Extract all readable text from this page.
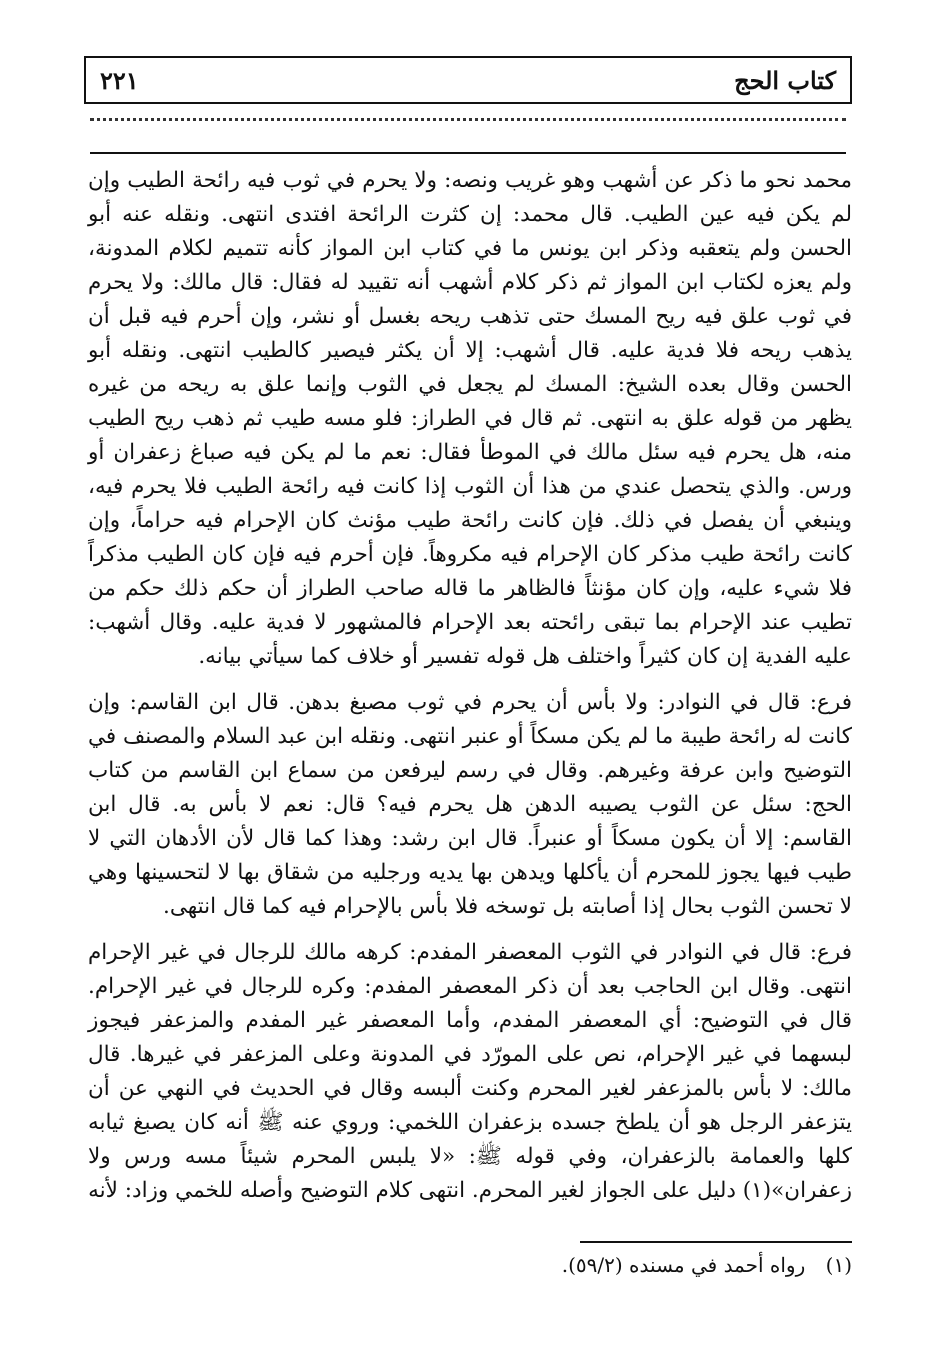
كتاب الحج
٢٢١

محمد نحو ما ذكر عن أشهب وهو غريب ونصه: ولا يحرم في ثوب فيه رائحة الطيب وإن لم يكن فيه عين الطيب. قال محمد: إن كثرت الرائحة افتدى انتهى. ونقله عنه أبو الحسن ولم يتعقبه وذكر ابن يونس ما في كتاب ابن المواز كأنه تتميم لكلام المدونة، ولم يعزه لكتاب ابن المواز ثم ذكر كلام أشهب أنه تقييد له فقال: قال مالك: ولا يحرم في ثوب علق فيه ريح المسك حتى تذهب ريحه بغسل أو نشر، وإن أحرم فيه قبل أن يذهب ريحه فلا فدية عليه. قال أشهب: إلا أن يكثر فيصير كالطيب انتهى. ونقله أبو الحسن وقال بعده الشيخ: المسك لم يجعل في الثوب وإنما علق به ريحه من غيره يظهر من قوله علق به انتهى. ثم قال في الطراز: فلو مسه طيب ثم ذهب ريح الطيب منه، هل يحرم فيه سئل مالك في الموطأ فقال: نعم ما لم يكن فيه صباغ زعفران أو ورس. والذي يتحصل عندي من هذا أن الثوب إذا كانت فيه رائحة الطيب فلا يحرم فيه، وينبغي أن يفصل في ذلك. فإن كانت رائحة طيب مؤنث كان الإحرام فيه حراماً، وإن كانت رائحة طيب مذكر كان الإحرام فيه مكروهاً. فإن أحرم فيه فإن كان الطيب مذكراً فلا شيء عليه، وإن كان مؤنثاً فالظاهر ما قاله صاحب الطراز أن حكم ذلك حكم من تطيب عند الإحرام بما تبقى رائحته بعد الإحرام فالمشهور لا فدية عليه. وقال أشهب: عليه الفدية إن كان كثيراً واختلف هل قوله تفسير أو خلاف كما سيأتي بيانه.

فرع: قال في النوادر: ولا بأس أن يحرم في ثوب مصبغ بدهن. قال ابن القاسم: وإن كانت له رائحة طيبة ما لم يكن مسكاً أو عنبر انتهى. ونقله ابن عبد السلام والمصنف في التوضيح وابن عرفة وغيرهم. وقال في رسم ليرفعن من سماع ابن القاسم من كتاب الحج: سئل عن الثوب يصيبه الدهن هل يحرم فيه؟ قال: نعم لا بأس به. قال ابن القاسم: إلا أن يكون مسكاً أو عنبراً. قال ابن رشد: وهذا كما قال لأن الأدهان التي لا طيب فيها يجوز للمحرم أن يأكلها ويدهن بها يديه ورجليه من شقاق بها لا لتحسينها وهي لا تحسن الثوب بحال إذا أصابته بل توسخه فلا بأس بالإحرام فيه كما قال انتهى.

فرع: قال في النوادر في الثوب المعصفر المفدم: كرهه مالك للرجال في غير الإحرام انتهى. وقال ابن الحاجب بعد أن ذكر المعصفر المفدم: وكره للرجال في غير الإحرام. قال في التوضيح: أي المعصفر المفدم، وأما المعصفر غير المفدم والمزعفر فيجوز لبسهما في غير الإحرام، نص على المورّد في المدونة وعلى المزعفر في غيرها. قال مالك: لا بأس بالمزعفر لغير المحرم وكنت ألبسه وقال في الحديث في النهي عن أن يتزعفر الرجل هو أن يلطخ جسده بزعفران اللخمي: وروي عنه ﷺ أنه كان يصبغ ثيابه كلها والعمامة بالزعفران، وفي قوله ﷺ: «لا يلبس المحرم شيئاً مسه ورس ولا زعفران»(١) دليل على الجواز لغير المحرم. انتهى كلام التوضيح وأصله للخمي وزاد: لأنه

(١) رواه أحمد في مسنده (٥٩/٢).
